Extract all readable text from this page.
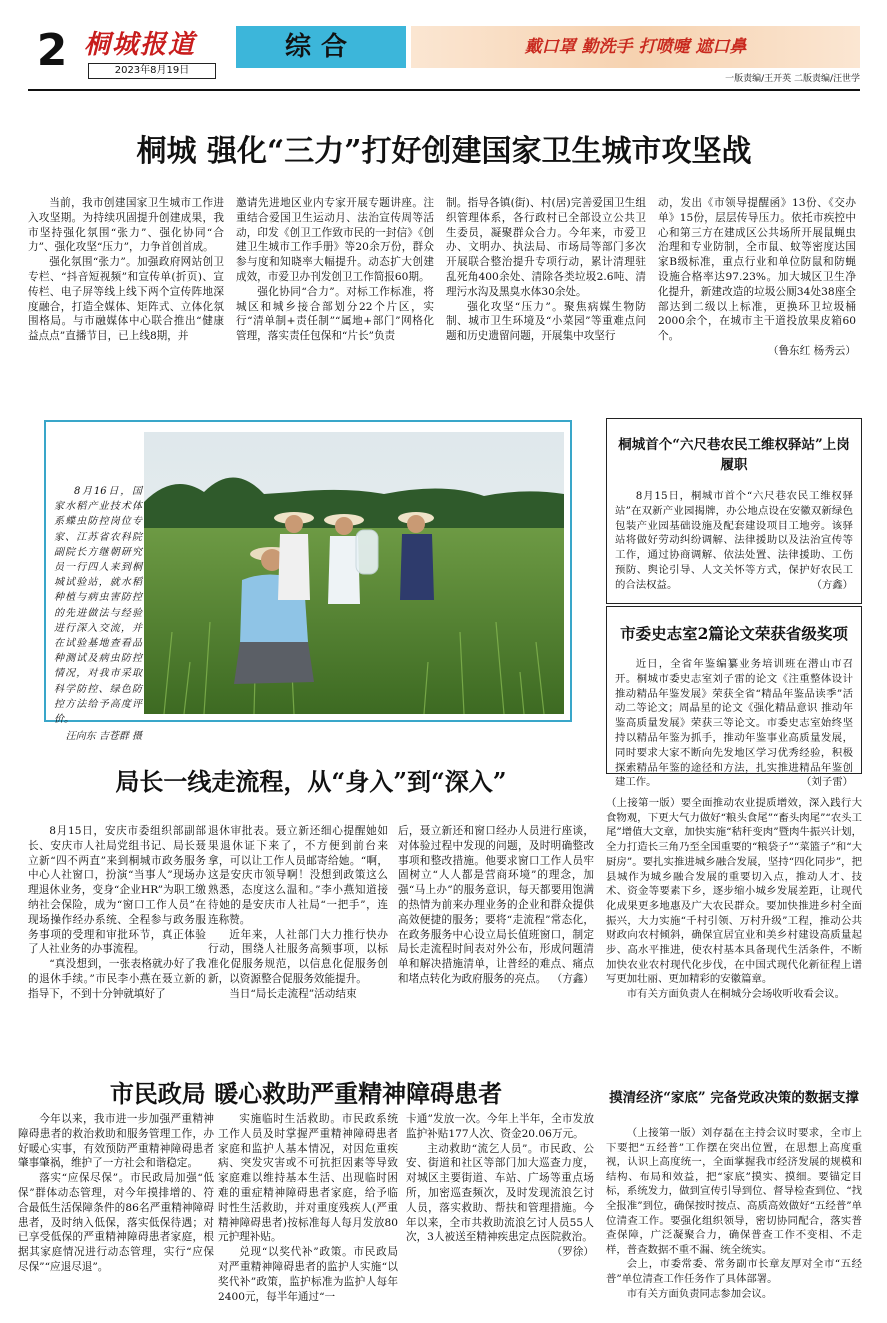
2 桐城报道
2023年8月19日
综合	戴口罩 勤洗手 打喷嚏 遮口鼻
一版责编/王开英 二版责编/汪世学
桐城 强化“三力”打好创建国家卫生城市攻坚战

当前，我市创建国家卫生城市工作进入攻坚期。为持续巩固提升创建成果，我市坚持强化氛围“张力”、强化协同“合力”、强化攻坚“压力”，力争首创首成。

强化氛围“张力”。加强政府网站创卫专栏、“抖音短视频”和宣传单(折页)、宣传栏、电子屏等线上线下两个宣传阵地深度融合，打造全媒体、矩阵式、立体化氛围格局。与市融媒体中心联合推出“健康益点点”直播节目，已上线8期，并

邀请先进地区业内专家开展专题讲座。注重结合爱国卫生运动月、法治宣传周等活动，印发《创卫工作致市民的一封信》《创建卫生城市工作手册》等20余万份，群众参与度和知晓率大幅提升。动态扩大创建成效，市爱卫办刊发创卫工作简报60期。

强化协同“合力”。对标工作标准，将城区和城乡接合部划分22个片区，实行“清单制+责任制”“属地+部门”网格化管理，落实责任包保和“片长”负责

制。指导各镇(街)、村(居)完善爱国卫生组织管理体系，各行政村已全部设立公共卫生委员，凝聚群众合力。今年来，市爱卫办、文明办、执法局、市场局等部门多次开展联合整治提升专项行动，累计清理驻乱死角400余处、清除各类垃圾2.6吨、清理污水沟及黑臭水体30余处。

强化攻坚“压力”。聚焦病媒生物防制、城市卫生环境及“小菜园”等重难点问题和历史遗留问题，开展集中攻坚行

动，发出《市领导提醒函》13份、《交办单》15份，层层传导压力。依托市疾控中心和第三方在建成区公共场所开展鼠蝇虫治理和专业防制，全市鼠、蚊等密度达国家B级标准，重点行业和单位防鼠和防蝇设施合格率达97.23%。加大城区卫生净化提升，新建改造的垃圾公厕34处38座全部达到二级以上标准，更换环卫垃圾桶2000余个，在城市主干道投放果皮箱60个。

（鲁东红 杨秀云）

8月16日，国家水稻产业技术体系蝶虫防控岗位专家、江苏省农科院副院长方继朝研究员一行四人来到桐城试验站，就水稻种植与病虫害防控的先进做法与经验进行深入交流，并在试验基地查看品种测试及病虫防控情况，对我市采取科学防控、绿色防控方法给予高度评价。

汪向东 吉苍群 摄
桐城首个“六尺巷农民工维权驿站”上岗履职

8月15日，桐城市首个“六尺巷农民工维权驿站”在双新产业园揭牌，办公地点设在安徽双新绿色包装产业园基础设施及配套建设项目工地旁。该驿站将做好劳动纠纷调解、法律援助以及法治宣传等工作，通过协商调解、依法处置、法律援助、工伤预防、舆论引导、人文关怀等方式，保护好农民工的合法权益。	（方鑫）
市委史志室2篇论文荣获省级奖项

近日，全省年鉴编纂业务培训班在潜山市召开。桐城市委史志室刘子雷的论文《注重整体设计 推动精品年鉴发展》荣获全省“精品年鉴品读季”活动二等论文；周晶星的论文《强化精品意识 推动年鉴高质量发展》荣获三等论文。市委史志室始终坚持以精品年鉴为抓手，推动年鉴事业高质量发展，同时要求大家不断向先发地区学习优秀经验，积极探索精品年鉴的途径和方法，扎实推进精品年鉴创建工作。	（刘子雷）
局长一线走流程，从“身入”到“深入”

8月15日，安庆市委组织部副部长、安庆市人社局党组书记、局长聂立新“四不两直”来到桐城市政务服务中心人社窗口，扮演“当事人”现场办理退休业务，变身“企业HR”为职工缴纳社会保险，成为“窗口工作人员”在现场操作经办系统、全程参与政务服务事项的受理和审批环节，真正体验了人社业务的办事流程。

“真没想到，一张表格就办好了我的退休手续。”市民李小燕在聂立新的指导下，不到十分钟就填好了

退休审批表。聂立新还细心提醒她如果退休证下来了，不方便到前台来拿，可以让工作人员邮寄给她。“啊，这是安庆市领导啊！没想到政策这么熟悉，态度这么温和。”李小燕知道接待她的是安庆市人社局“一把手”，连连称赞。

近年来，人社部门大力推行快办行动，围绕人社服务高频事项，以标准化促服务规范，以信息化促服务创新，以资源整合促服务效能提升。

当日“局长走流程”活动结束

后，聂立新还和窗口经办人员进行座谈，对体验过程中发现的问题，及时明确整改事项和整改措施。他要求窗口工作人员牢固树立“人人都是营商环境”的理念，加强“马上办”的服务意识，每天都要用饱满的热情为前来办理业务的企业和群众提供高效便捷的服务；要将“走流程”常态化，在政务服务中心设立局长值班窗口，制定局长走流程时间表对外公布，形成问题清单和解决措施清单，让普经的难点、痛点和堵点转化为政府服务的亮点。 （方鑫）

（上接第一版）要全面推动农业提质增效，深入践行大食物观，下更大气力做好“粮头食尾”“畜头肉尾”“农头工尾”增值大文章，加快实施“秸秆变肉”暨肉牛振兴计划，全力打造长三角乃至全国重要的“粮袋子”“菜篮子”和“大厨房”。要扎实推进城乡融合发展，坚持“四化同步”，把县城作为城乡融合发展的重要切入点，推动人才、技术、资金等要素下乡，逐步缩小城乡发展差距，让现代化成果更多地惠及广大农民群众。要加快推进乡村全面振兴，大力实施“千村引领、万村升级”工程，推动公共财政向农村倾斜，确保宜居宜业和美乡村建设高质量起步、高水平推进，使农村基本具备现代生活条件，不断加快农业农村现代化步伐，在中国式现代化新征程上谱写更加壮丽、更加精彩的安徽篇章。

市有关方面负责人在桐城分会场收听收看会议。

市民政局 暖心救助严重精神障碍患者

今年以来，我市进一步加强严重精神障碍患者的救治救助和服务管理工作，办好暖心实事，有效预防严重精神障碍患者肇事肇祸，维护了一方社会和谐稳定。

落实“应保尽保”。市民政局加强“低保”群体动态管理，对今年摸排增的、符合最低生活保障条件的86名严重精神障碍患者，及时纳入低保，落实低保待遇；对已享受低保的严重精神障碍患者家庭，根据其家庭情况进行动态管理，实行“应保尽保”“应退尽退”。

实施临时生活救助。市民政系统工作人员及时掌握严重精神障碍患者家庭和监护人基本情况，对因危重疾病、突发灾害或不可抗拒因素等导致家庭难以维持基本生活、出现临时困难的重症精神障碍患者家庭，给予临时性生活救助，并对重度残疾人(严重精神障碍患者)按标准每人每月发放80元护理补贴。

兑现“以奖代补”政策。市民政局对严重精神障碍患者的监护人实施“以奖代补”政策，监护标准为监护人每年2400元，每半年通过“一

卡通”发放一次。今年上半年，全市发放监护补贴177人次、资金20.06万元。

主动救助“流乞人员”。市民政、公安、街道和社区等部门加大巡查力度，对城区主要街道、车站、广场等重点场所，加密巡查频次，及时发现流浪乞讨人员，落实救助、帮扶和管理措施。今年以来，全市共救助流浪乞讨人员55人次，3人被送至精神疾患定点医院救治。

（罗徐）
摸清经济“家底” 完备党政决策的数据支撑

（上接第一版）刘存磊在主持会议时要求，全市上下要把“五经普”工作摆在突出位置，在思想上高度重视，认识上高度统一，全面掌握我市经济发展的规模和结构、布局和效益，把“家底”摸实、摸细。要锚定目标，系统发力，做到宣传引导到位、督导检查到位、“找全报准”到位，确保按时按点、高质高效做好“五经普”单位清查工作。要强化组织领导，密切协同配合，落实普查保障，广泛凝聚合力，确保普查工作不变相、不走样，普查数据不重不漏、统全统实。

会上，市委常委、常务副市长章友厚对全市“五经普”单位清查工作任务作了具体部署。

市有关方面负责同志参加会议。
